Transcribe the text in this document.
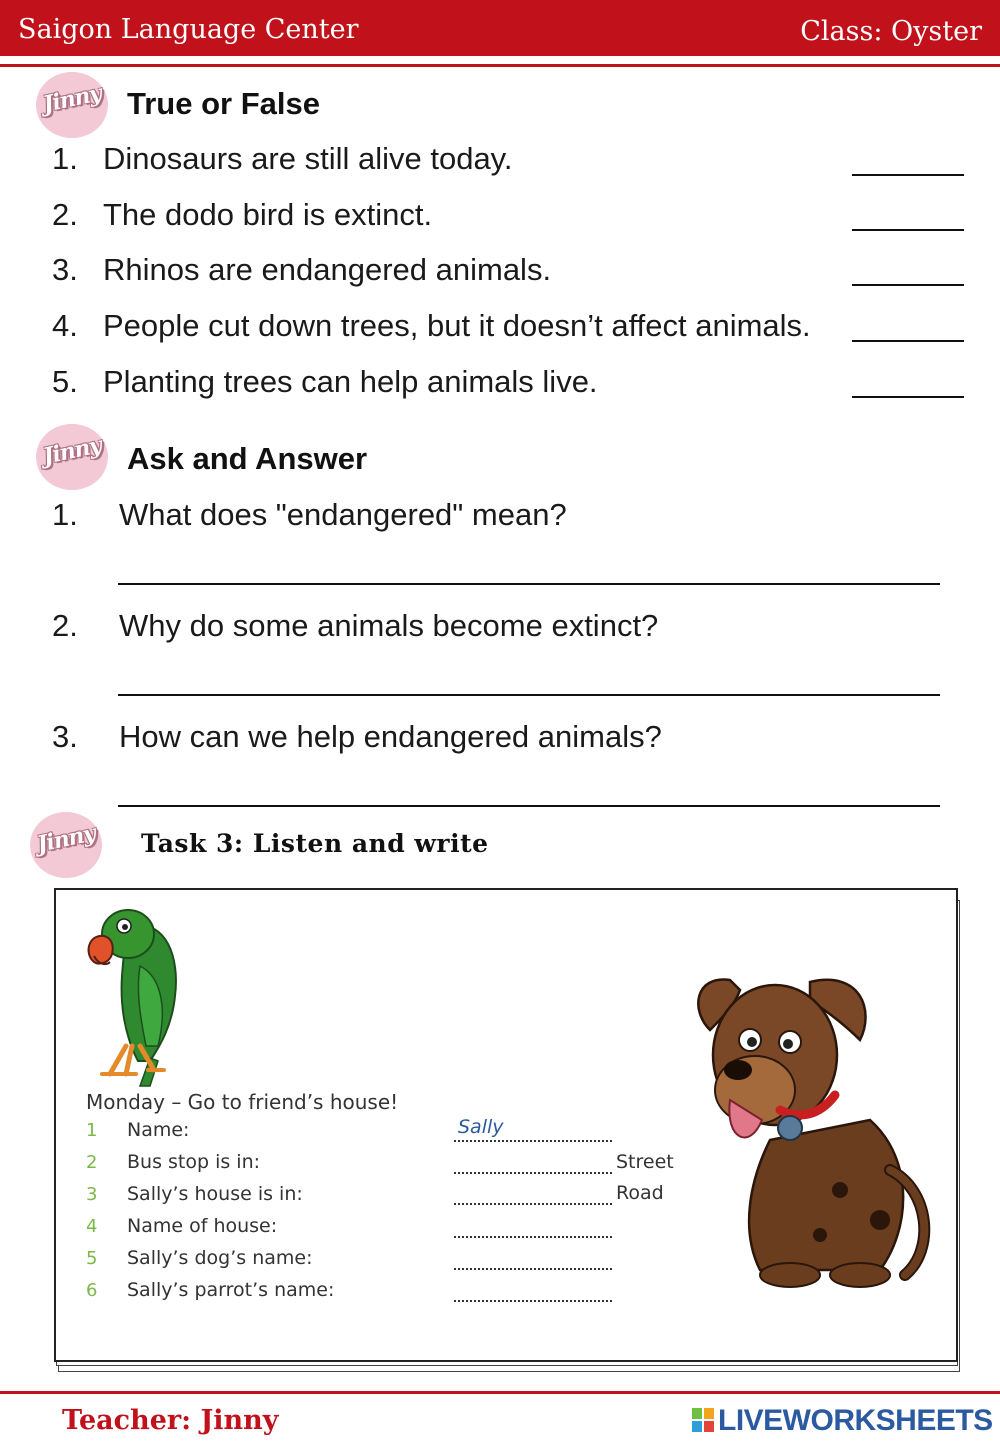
Saigon Language Center	Class: Oyster
Jinny True or False
1. Dinosaurs are still alive today.
2. The dodo bird is extinct.
3. Rhinos are endangered animals.
4. People cut down trees, but it doesn’t affect animals.
5. Planting trees can help animals live.
Jinny Ask and Answer
1. What does "endangered" mean?
2. Why do some animals become extinct?
3. How can we help endangered animals?
Jinny Task 3: Listen and write
Monday – Go to friend’s house!
1 Name:	Sally
2 Bus stop is in:	Street
3 Sally’s house is in:	Road
4 Name of house:
5 Sally’s dog’s name:
6 Sally’s parrot’s name:
Teacher: Jinny	LIVEWORKSHEETS
